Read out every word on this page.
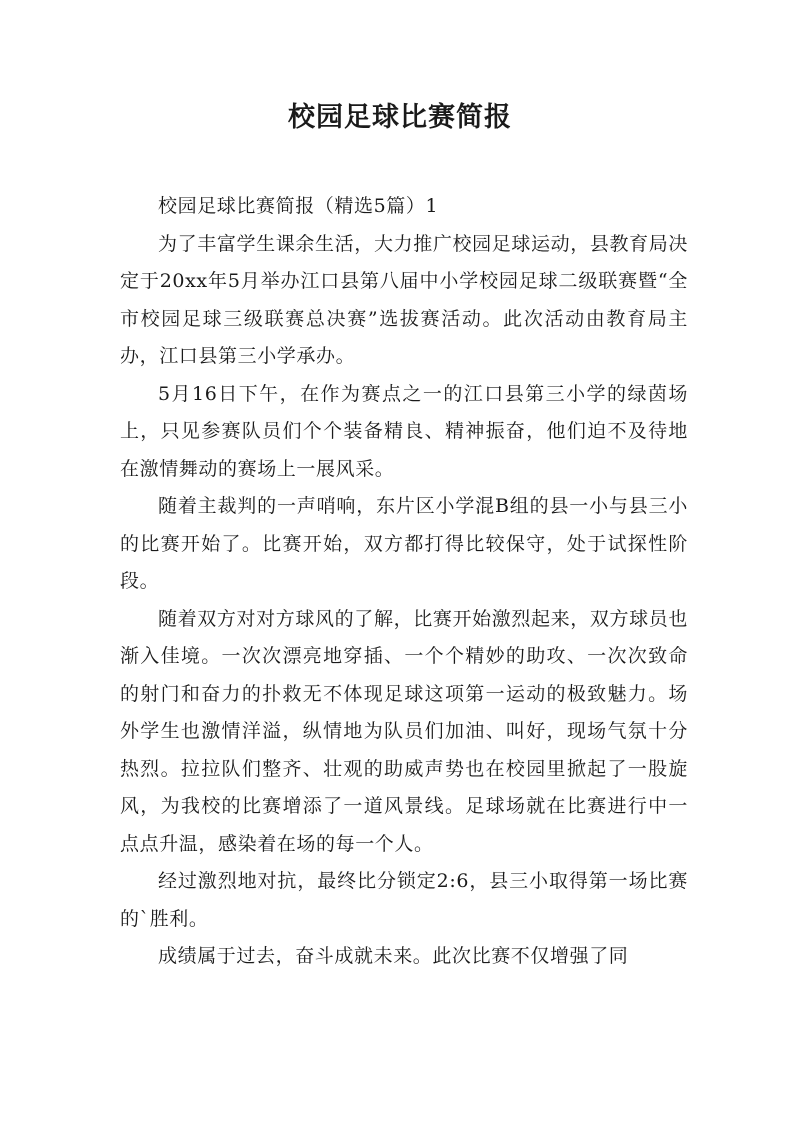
校园足球比赛简报

校园足球比赛简报（精选5篇）1

为了丰富学生课余生活，大力推广校园足球运动，县教育局决定于20xx年5月举办江口县第八届中小学校园足球二级联赛暨“全市校园足球三级联赛总决赛”选拔赛活动。此次活动由教育局主办，江口县第三小学承办。

5月16日下午，在作为赛点之一的江口县第三小学的绿茵场上，只见参赛队员们个个装备精良、精神振奋，他们迫不及待地在激情舞动的赛场上一展风采。

随着主裁判的一声哨响，东片区小学混B组的县一小与县三小的比赛开始了。比赛开始，双方都打得比较保守，处于试探性阶段。

随着双方对对方球风的了解，比赛开始激烈起来，双方球员也渐入佳境。一次次漂亮地穿插、一个个精妙的助攻、一次次致命的射门和奋力的扑救无不体现足球这项第一运动的极致魅力。场外学生也激情洋溢，纵情地为队员们加油、叫好，现场气氛十分热烈。拉拉队们整齐、壮观的助威声势也在校园里掀起了一股旋风，为我校的比赛增添了一道风景线。足球场就在比赛进行中一点点升温，感染着在场的每一个人。

经过激烈地对抗，最终比分锁定2:6，县三小取得第一场比赛的`胜利。

成绩属于过去，奋斗成就未来。此次比赛不仅增强了同
